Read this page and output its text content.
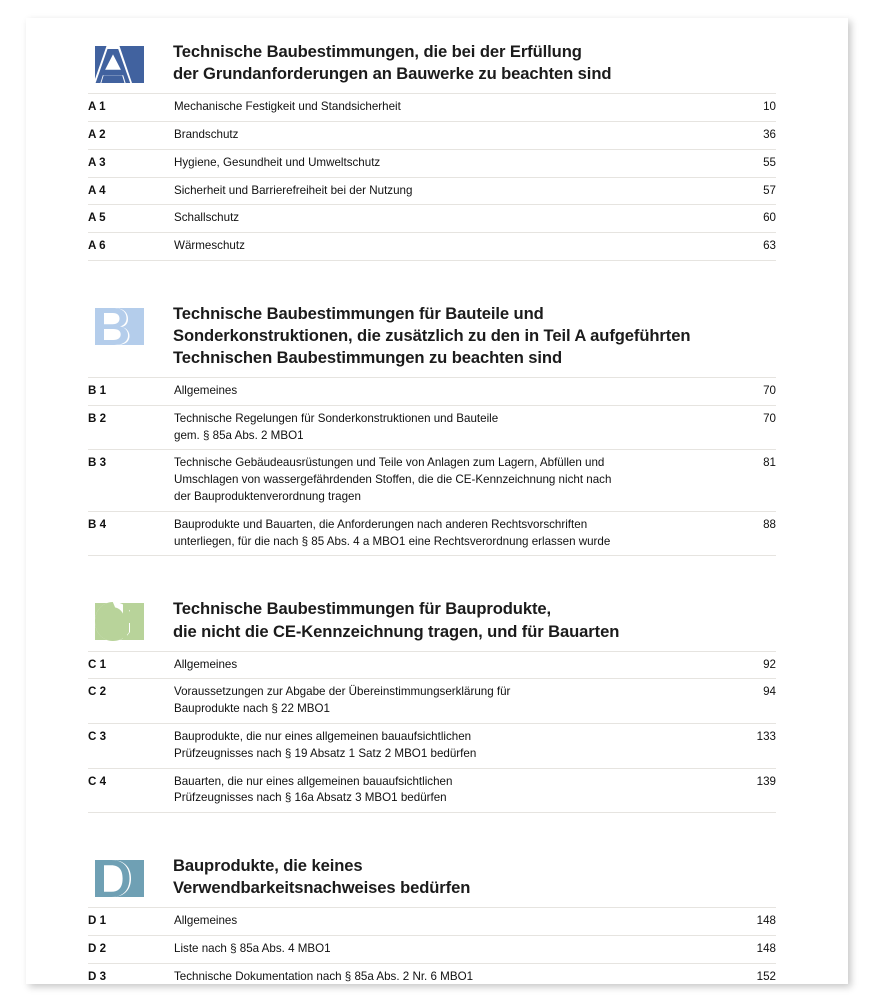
Technische Baubestimmungen, die bei der Erfüllung
der Grundanforderungen an Bauwerke zu beachten sind
A 1	Mechanische Festigkeit und Standsicherheit	10
A 2	Brandschutz	36
A 3	Hygiene, Gesundheit und Umweltschutz	55
A 4	Sicherheit und Barrierefreiheit bei der Nutzung	57
A 5	Schallschutz	60
A 6	Wärmeschutz	63
Technische Baubestimmungen für Bauteile und
Sonderkonstruktionen, die zusätzlich zu den in Teil A aufgeführten
Technischen Baubestimmungen zu beachten sind
B 1	Allgemeines	70
B 2	Technische Regelungen für Sonderkonstruktionen und Bauteile
gem. § 85a Abs. 2 MBO1
70
B 3	Technische Gebäudeausrüstungen und Teile von Anlagen zum Lagern, Abfüllen und
Umschlagen von wassergefährdenden Stoffen, die die CE-Kennzeichnung nicht nach
der Bauproduktenverordnung tragen
81
B 4	Bauprodukte und Bauarten, die Anforderungen nach anderen Rechtsvorschriften
unterliegen, für die nach § 85 Abs. 4 a MBO1 eine Rechtsverordnung erlassen wurde
88
Technische Baubestimmungen für Bauprodukte,
die nicht die CE-Kennzeichnung tragen, und für Bauarten
C 1	Allgemeines	92
C 2	Voraussetzungen zur Abgabe der Übereinstimmungserklärung für
Bauprodukte nach § 22 MBO1
94
C 3	Bauprodukte, die nur eines allgemeinen bauaufsichtlichen
Prüfzeugnisses nach § 19 Absatz 1 Satz 2 MBO1 bedürfen
133
C 4	Bauarten, die nur eines allgemeinen bauaufsichtlichen
Prüfzeugnisses nach § 16a Absatz 3 MBO1 bedürfen
139
Bauprodukte, die keines
Verwendbarkeitsnachweises bedürfen
D 1	Allgemeines	148
D 2	Liste nach § 85a Abs. 4 MBO1	148
D 3	Technische Dokumentation nach § 85a Abs. 2 Nr. 6 MBO1	152
